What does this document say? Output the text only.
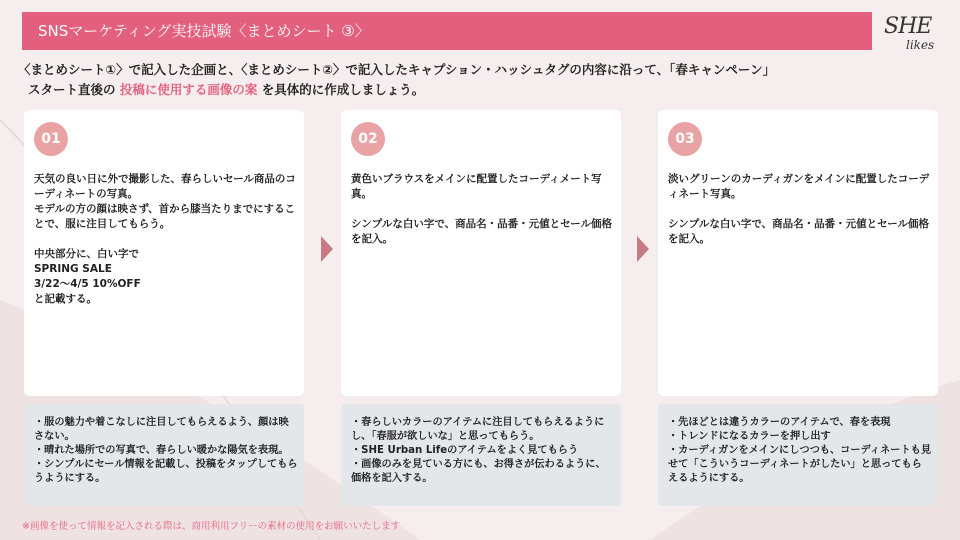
SNSマーケティング実技試験〈まとめシート ③〉	SHE
likes
〈まとめシート①〉で記入した企画と、〈まとめシート②〉で記入したキャプション・ハッシュタグの内容に沿って、「春キャンペーン」
スタート直後の 投稿に使用する画像の案 を具体的に作成しましょう。
01
天気の良い日に外で撮影した、春らしいセール商品のコーディネートの写真。
モデルの方の顔は映さず、首から膝当たりまでにすることで、服に注目してもらう。

中央部分に、白い字で
SPRING SALE
3/22〜4/5 10%OFF
と記載する。
・服の魅力や着こなしに注目してもらえるよう、顔は映さない。
・晴れた場所での写真で、春らしい暖かな陽気を表現。
・シンプルにセール情報を記載し、投稿をタップしてもらうようにする。
02
黄色いブラウスをメインに配置したコーディメート写真。

シンプルな白い字で、商品名・品番・元値とセール価格を記入。
・春らしいカラーのアイテムに注目してもらえるようにし、「春服が欲しいな」と思ってもらう。
・SHE Urban Lifeのアイテムをよく見てもらう
・画像のみを見ている方にも、お得さが伝わるように、価格を記入する。
03
淡いグリーンのカーディガンをメインに配置したコーディネート写真。

シンプルな白い字で、商品名・品番・元値とセール価格を記入。
・先ほどとは違うカラーのアイテムで、春を表現
・トレンドになるカラーを押し出す
・カーディガンをメインにしつつも、コーディネートも見せて「こういうコーディネートがしたい」と思ってもらえるようにする。
※画像を使って情報を記入される際は、商用利用フリーの素材の使用をお願いいたします
